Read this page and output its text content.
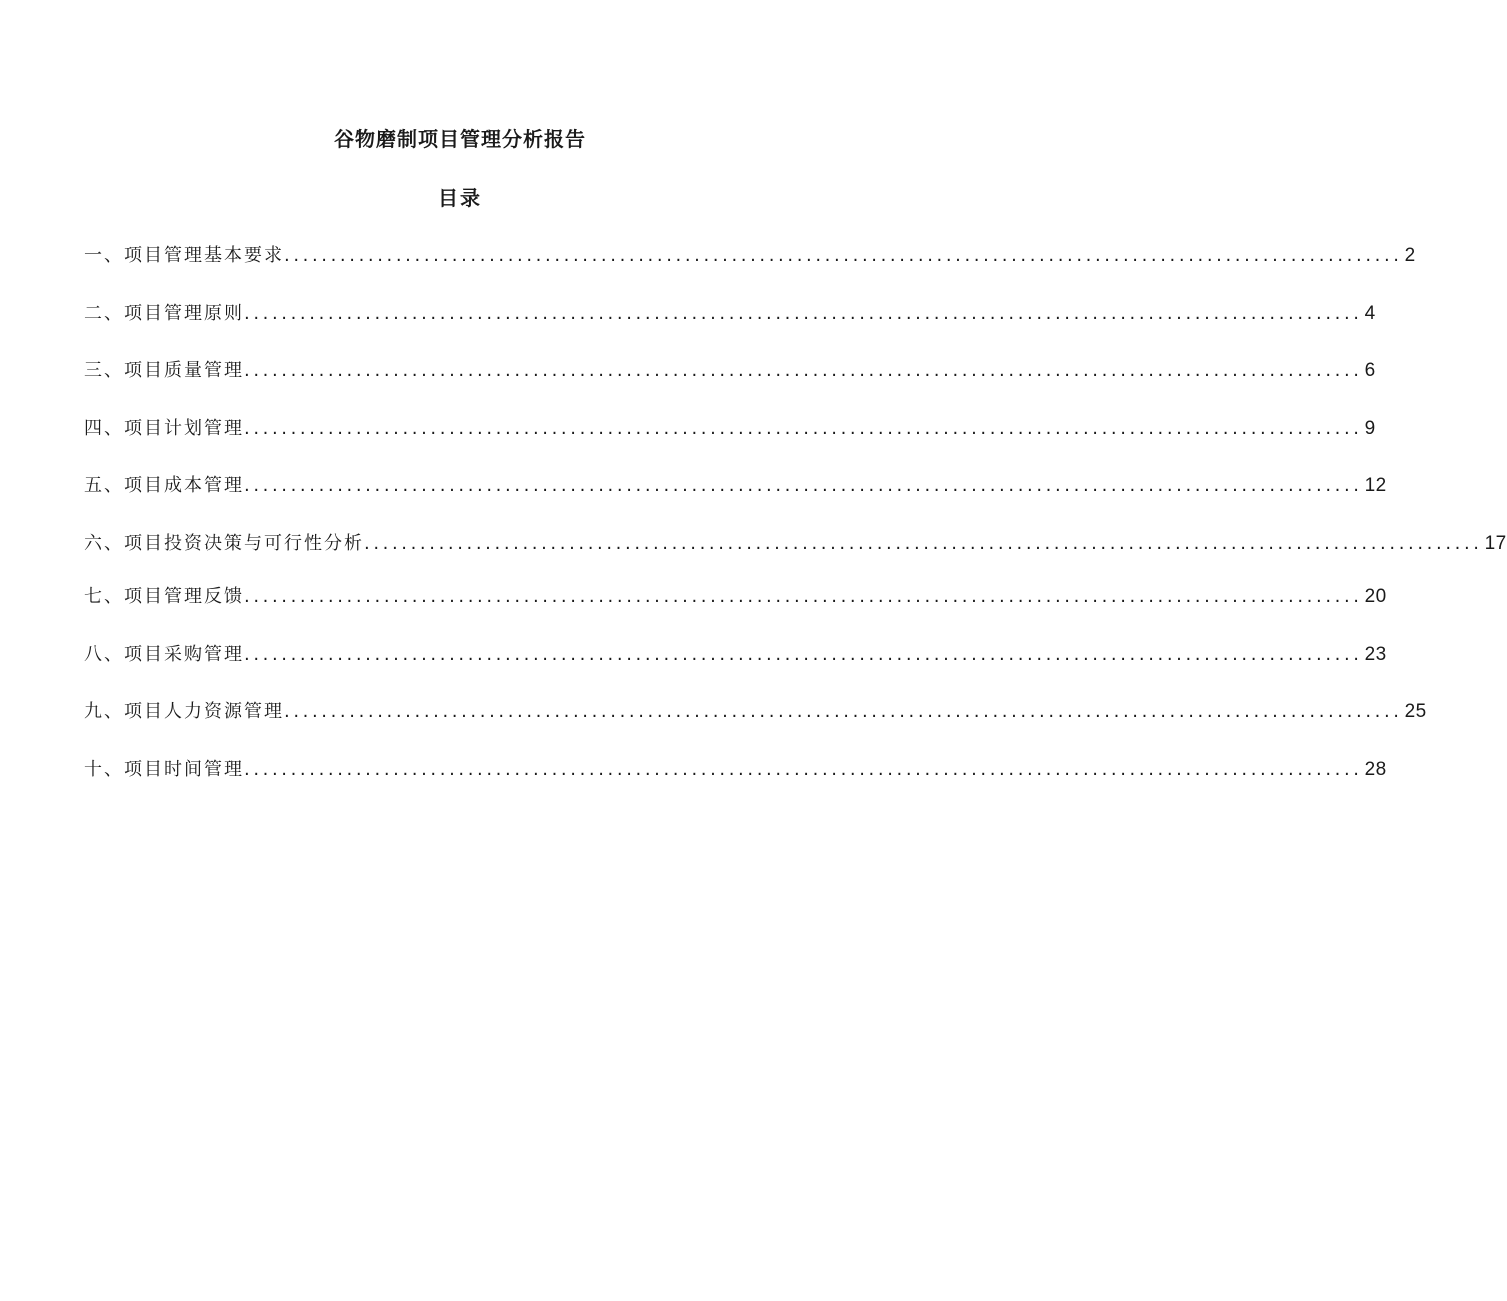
谷物磨制项目管理分析报告
目录
一、项目管理基本要求 ........................................................................................................................ 2
二、项目管理原则 ........................................................................................................................ 4
三、项目质量管理 ........................................................................................................................ 6
四、项目计划管理 ........................................................................................................................ 9
五、项目成本管理 ........................................................................................................................ 12
六、项目投资决策与可行性分析 ........................................................................................................................ 17
七、项目管理反馈 ........................................................................................................................ 20
八、项目采购管理 ........................................................................................................................ 23
九、项目人力资源管理 ........................................................................................................................ 25
十、项目时间管理 ........................................................................................................................ 28
